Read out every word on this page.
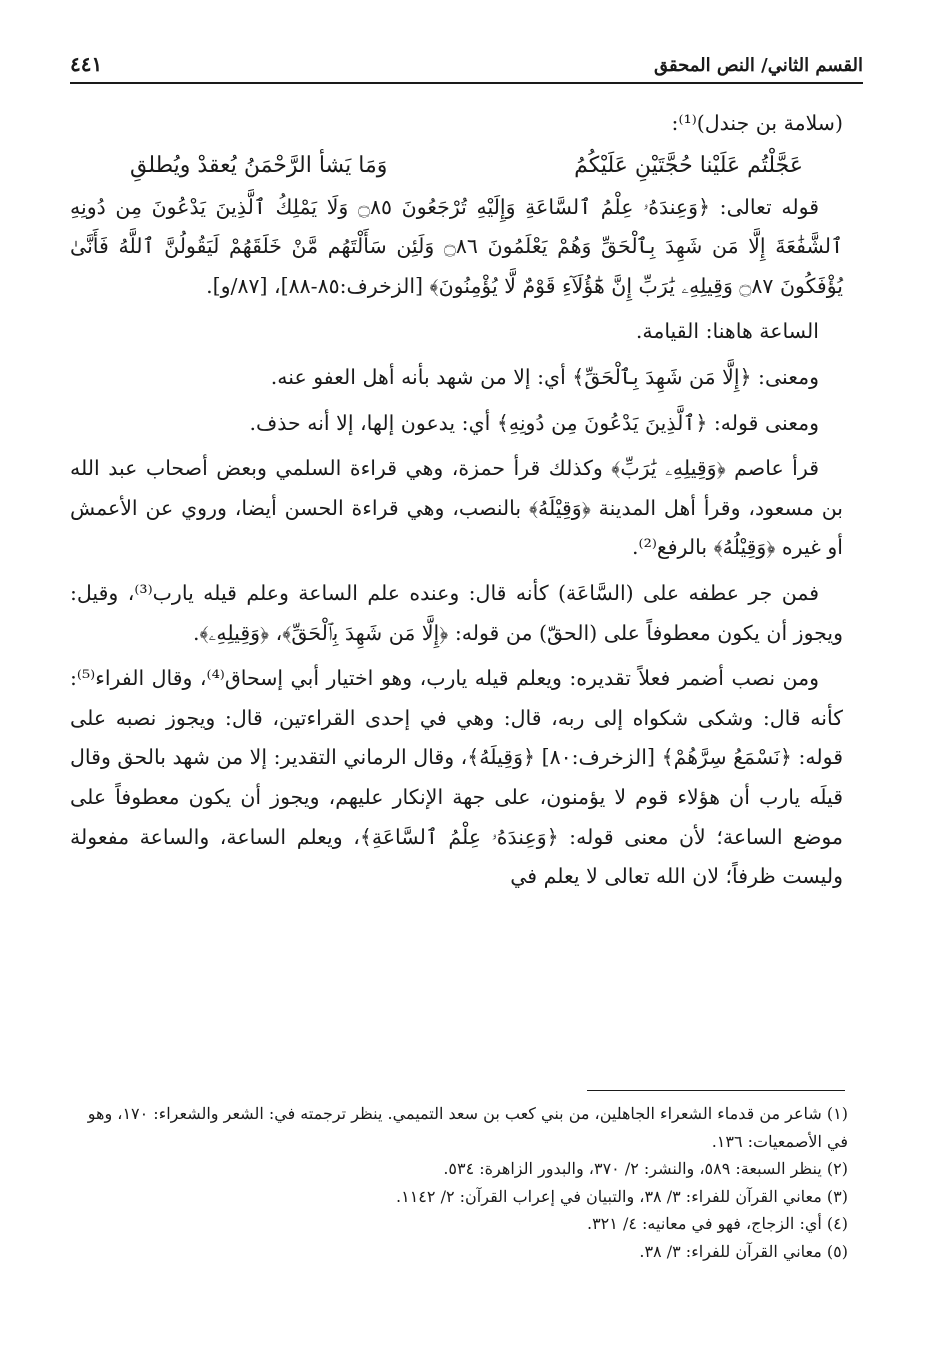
القسم الثاني/ النص المحقق
٤٤١

(سلامة بن جندل)⁽¹⁾:

عَجَّلْتُم عَلَيْنا حُجَّتَيْنِ عَلَيْكُمُ
وَمَا يَشأ الرَّحْمَنُ يُعقدْ ويُطلقِ

قوله تعالى: ﴿وَعِندَهُۥ عِلْمُ ٱلسَّاعَةِ وَإِلَيْهِ تُرْجَعُونَ ۝٨٥ وَلَا يَمْلِكُ ٱلَّذِينَ يَدْعُونَ مِن دُونِهِ ٱلشَّفَٰعَةَ إِلَّا مَن شَهِدَ بِٱلْحَقِّ وَهُمْ يَعْلَمُونَ ۝٨٦ وَلَئِن سَأَلْتَهُم مَّنْ خَلَقَهُمْ لَيَقُولُنَّ ٱللَّهُ فَأَنَّىٰ يُؤْفَكُونَ ۝٨٧ وَقِيلِهِۦ يَٰرَبِّ إِنَّ هَٰٓؤُلَآءِ قَوْمٌ لَّا يُؤْمِنُونَ﴾ [الزخرف:٨٥-٨٨]، [٨٧/و].

الساعة هاهنا: القيامة.

ومعنى: ﴿إِلَّا مَن شَهِدَ بِٱلْحَقِّ﴾ أي: إلا من شهد بأنه أهل العفو عنه.

ومعنى قوله: ﴿ٱلَّذِينَ يَدْعُونَ مِن دُونِهِ﴾ أي: يدعون إلها، إلا أنه حذف.

قرأ عاصم ﴿وَقِيلِهِۦ يَٰرَبِّ﴾ وكذلك قرأ حمزة، وهي قراءة السلمي وبعض أصحاب عبد الله بن مسعود، وقرأ أهل المدينة ﴿وَقِيْلَهُ﴾ بالنصب، وهي قراءة الحسن أيضا، وروي عن الأعمش أو غيره ﴿وَقِيْلُهُ﴾ بالرفع⁽²⁾.

فمن جر عطفه على (السَّاعَة) كأنه قال: وعنده علم الساعة وعلم قيله يارب⁽³⁾، وقيل: ويجوز أن يكون معطوفاً على (الحقّ) من قوله: ﴿إِلَّا مَن شَهِدَ بِٱلْحَقِّ﴾، ﴿وَقِيلِهِۦ﴾.

ومن نصب أضمر فعلاً تقديره: ويعلم قيله يارب، وهو اختيار أبي إسحاق⁽⁴⁾، وقال الفراء⁽⁵⁾: كأنه قال: وشكى شكواه إلى ربه، قال: وهي في إحدى القراءتين، قال: ويجوز نصبه على قوله: ﴿نَسْمَعُ سِرَّهُمْ﴾ [الزخرف:٨٠] ﴿وَقِيلَهُ﴾، وقال الرماني التقدير: إلا من شهد بالحق وقال قيلَه يارب أن هؤلاء قوم لا يؤمنون، على جهة الإنكار عليهم، ويجوز أن يكون معطوفاً على موضع الساعة؛ لأن معنى قوله: ﴿وَعِندَهُۥ عِلْمُ ٱلسَّاعَةِ﴾، ويعلم الساعة، والساعة مفعولة وليست ظرفاً؛ لان الله تعالى لا يعلم في

(١) شاعر من قدماء الشعراء الجاهلين، من بني كعب بن سعد التميمي. ينظر ترجمته في: الشعر والشعراء: ١٧٠، وهو في الأصمعيات: ١٣٦.

(٢) ينظر السبعة: ٥٨٩، والنشر: ٢/ ٣٧٠، والبدور الزاهرة: ٥٣٤.

(٣) معاني القرآن للفراء: ٣/ ٣٨، والتبيان في إعراب القرآن: ٢/ ١١٤٢.

(٤) أي: الزجاج، فهو في معانيه: ٤/ ٣٢١.

(٥) معاني القرآن للفراء: ٣/ ٣٨.
